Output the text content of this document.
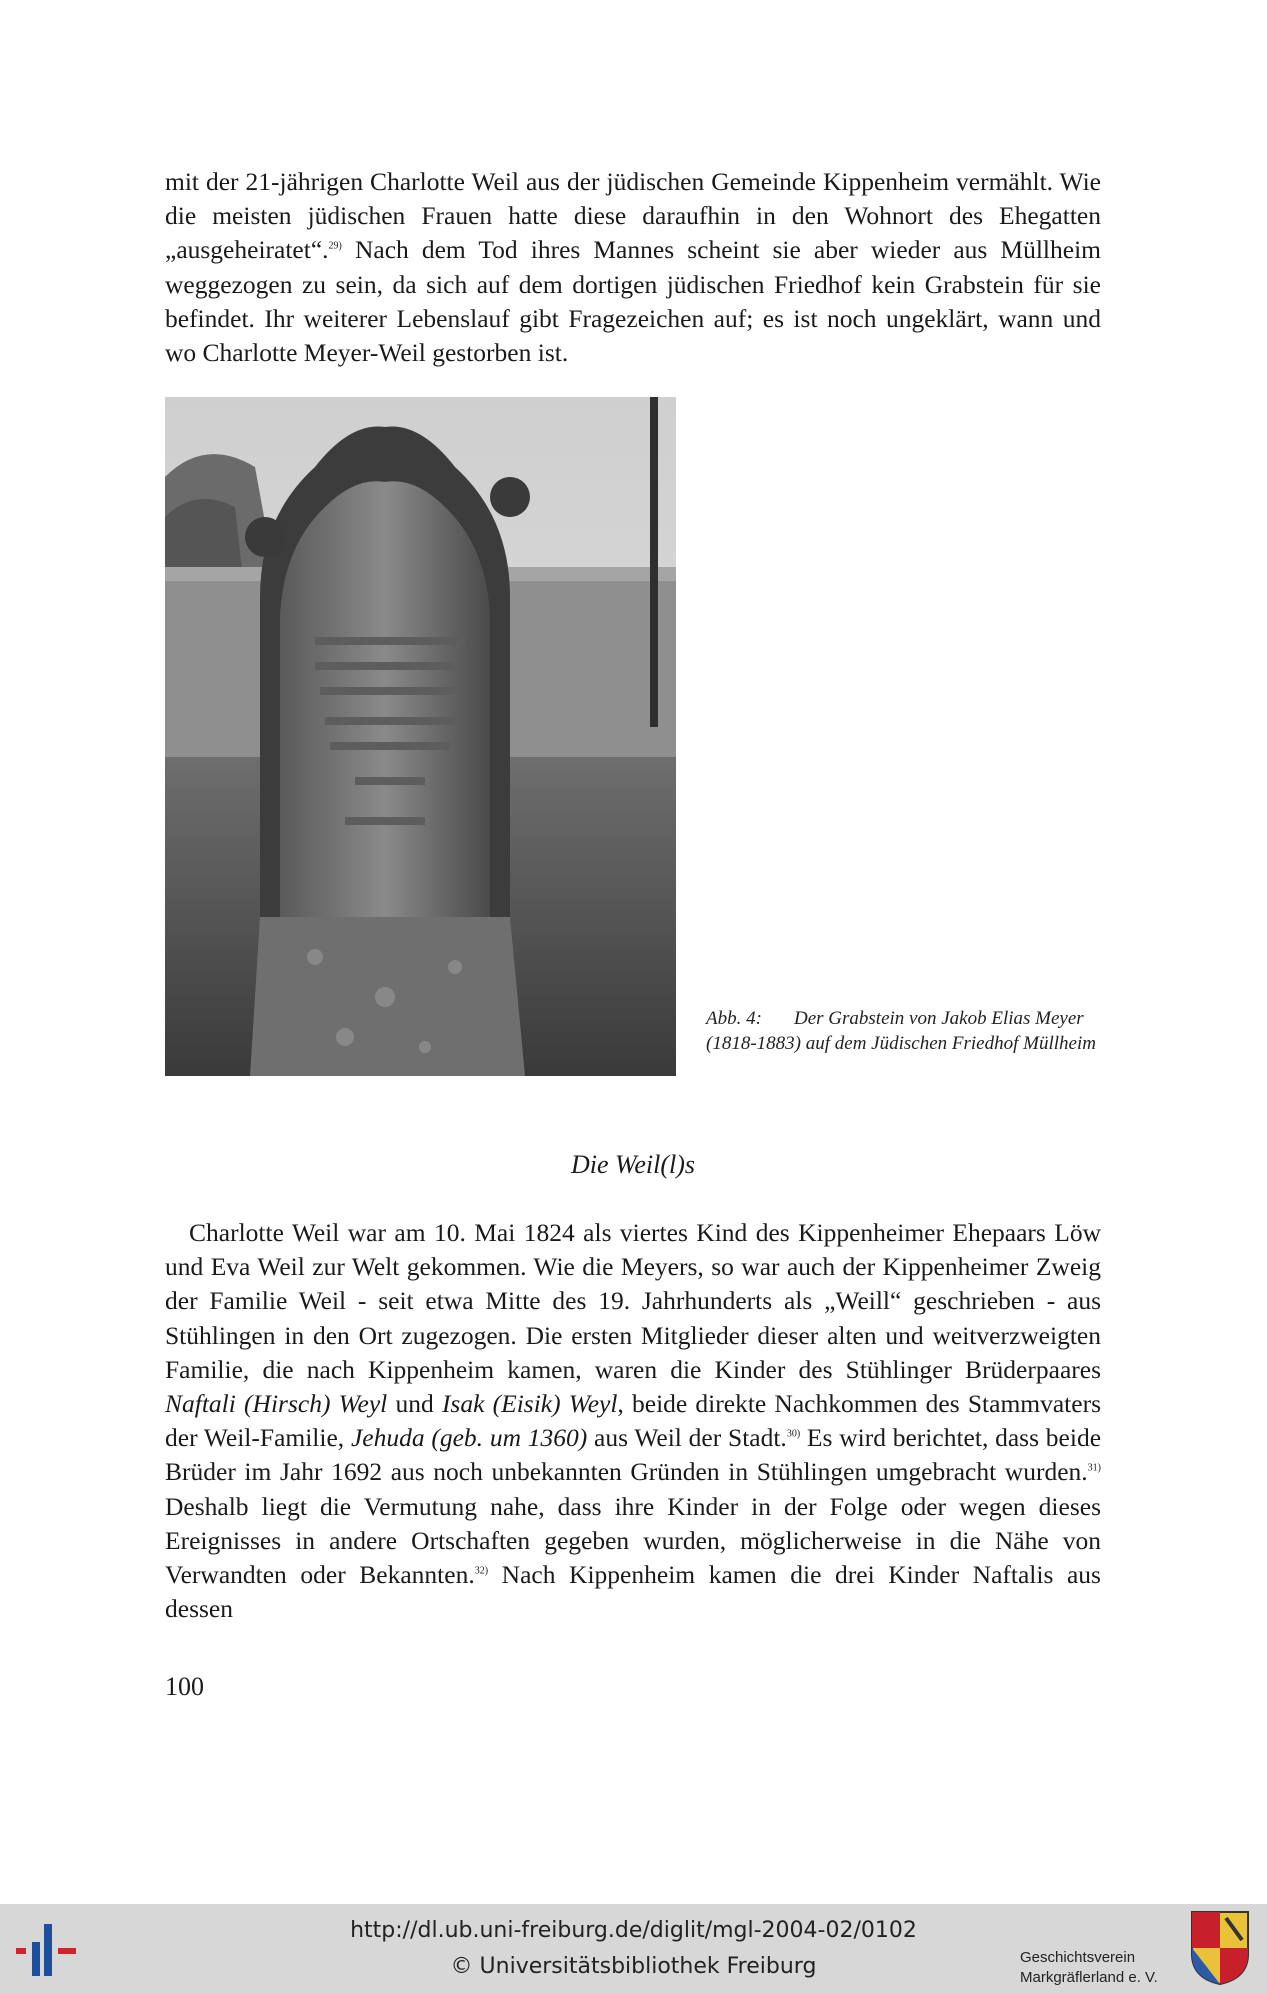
mit der 21-jährigen Charlotte Weil aus der jüdischen Gemeinde Kippenheim vermählt. Wie die meisten jüdischen Frauen hatte diese daraufhin in den Wohnort des Ehegatten „ausgeheiratet“.$^{29)}$ Nach dem Tod ihres Mannes scheint sie aber wieder aus Müllheim weggezogen zu sein, da sich auf dem dortigen jüdischen Friedhof kein Grabstein für sie befindet. Ihr weiterer Lebenslauf gibt Fragezeichen auf; es ist noch ungeklärt, wann und wo Charlotte Meyer-Weil gestorben ist.

Abb. 4: Der Grabstein von Jakob Elias Meyer (1818-1883) auf dem Jüdischen Friedhof Müllheim
Die Weil(l)s

Charlotte Weil war am 10. Mai 1824 als viertes Kind des Kippenheimer Ehepaars Löw und Eva Weil zur Welt gekommen. Wie die Meyers, so war auch der Kippenheimer Zweig der Familie Weil - seit etwa Mitte des 19. Jahrhunderts als „Weill“ geschrieben - aus Stühlingen in den Ort zugezogen. Die ersten Mitglieder dieser alten und weitverzweigten Familie, die nach Kippenheim kamen, waren die Kinder des Stühlinger Brüderpaares Naftali (Hirsch) Weyl und Isak (Eisik) Weyl, beide direkte Nachkommen des Stammvaters der Weil-Familie, Jehuda (geb. um 1360) aus Weil der Stadt.$^{30)}$ Es wird berichtet, dass beide Brüder im Jahr 1692 aus noch unbekannten Gründen in Stühlingen umgebracht wurden.$^{31)}$ Deshalb liegt die Vermutung nahe, dass ihre Kinder in der Folge oder wegen dieses Ereignisses in andere Ortschaften gegeben wurden, möglicherweise in die Nähe von Verwandten oder Bekannten.$^{32)}$ Nach Kippenheim kamen die drei Kinder Naftalis aus dessen

100
http://dl.ub.uni-freiburg.de/diglit/mgl-2004-02/0102
© Universitätsbibliothek Freiburg	Geschichtsverein
Markgräflerland e. V.
